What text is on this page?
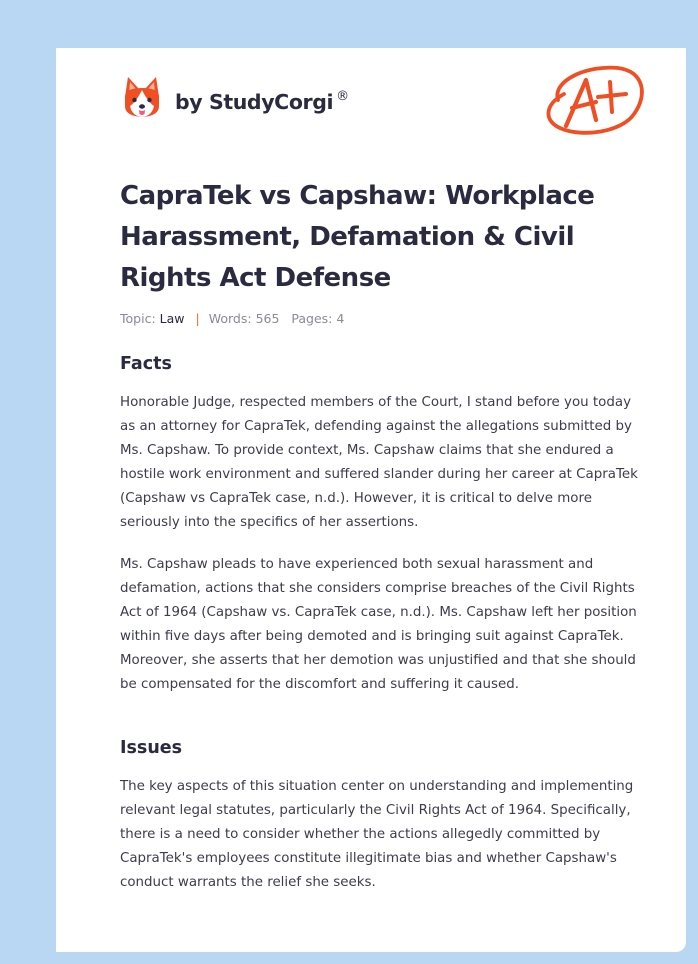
by StudyCorgi ®
CapraTek vs Capshaw: Workplace Harassment, Defamation & Civil Rights Act Defense
Topic: Law | Words: 565 Pages: 4
Facts

Honorable Judge, respected members of the Court, I stand before you today as an attorney for CapraTek, defending against the allegations submitted by Ms. Capshaw. To provide context, Ms. Capshaw claims that she endured a hostile work environment and suffered slander during her career at CapraTek (Capshaw vs CapraTek case, n.d.). However, it is critical to delve more seriously into the specifics of her assertions.

Ms. Capshaw pleads to have experienced both sexual harassment and defamation, actions that she considers comprise breaches of the Civil Rights Act of 1964 (Capshaw vs. CapraTek case, n.d.). Ms. Capshaw left her position within five days after being demoted and is bringing suit against CapraTek. Moreover, she asserts that her demotion was unjustified and that she should be compensated for the discomfort and suffering it caused.

Issues

The key aspects of this situation center on understanding and implementing relevant legal statutes, particularly the Civil Rights Act of 1964. Specifically, there is a need to consider whether the actions allegedly committed by CapraTek's employees constitute illegitimate bias and whether Capshaw's conduct warrants the relief she seeks.
